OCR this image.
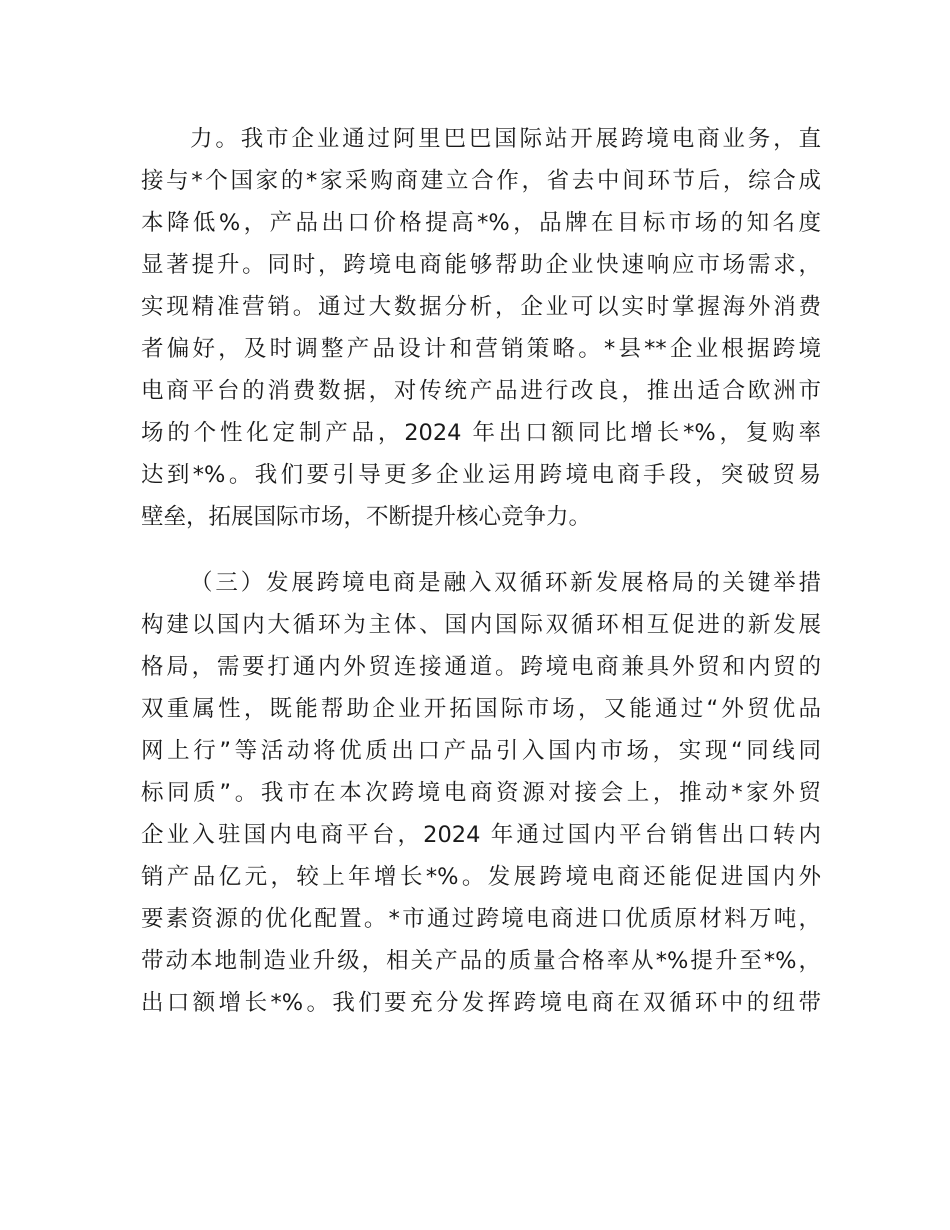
力。我市企业通过阿里巴巴国际站开展跨境电商业务，直
接与*个国家的*家采购商建立合作，省去中间环节后，综合成
本降低%，产品出口价格提高*%，品牌在目标市场的知名度
显著提升。同时，跨境电商能够帮助企业快速响应市场需求，
实现精准营销。通过大数据分析，企业可以实时掌握海外消费
者偏好，及时调整产品设计和营销策略。*县**企业根据跨境
电商平台的消费数据，对传统产品进行改良，推出适合欧洲市
场的个性化定制产品，2024 年出口额同比增长*%，复购率
达到*%。我们要引导更多企业运用跨境电商手段，突破贸易
壁垒，拓展国际市场，不断提升核心竞争力。
（三）发展跨境电商是融入双循环新发展格局的关键举措
构建以国内大循环为主体、国内国际双循环相互促进的新发展
格局，需要打通内外贸连接通道。跨境电商兼具外贸和内贸的
双重属性，既能帮助企业开拓国际市场，又能通过“外贸优品
网上行”等活动将优质出口产品引入国内市场，实现“同线同
标同质”。我市在本次跨境电商资源对接会上，推动*家外贸
企业入驻国内电商平台，2024 年通过国内平台销售出口转内
销产品亿元，较上年增长*%。发展跨境电商还能促进国内外
要素资源的优化配置。*市通过跨境电商进口优质原材料万吨，
带动本地制造业升级，相关产品的质量合格率从*%提升至*%，
出口额增长*%。我们要充分发挥跨境电商在双循环中的纽带
